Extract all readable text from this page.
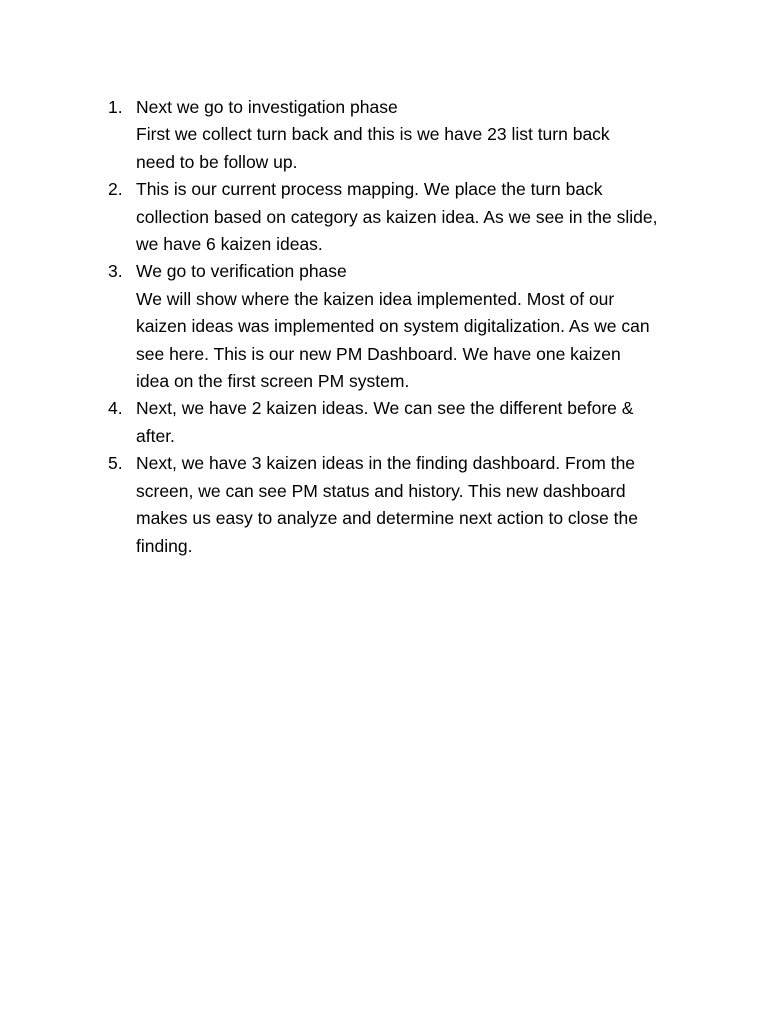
1. Next we go to investigation phase
First we collect turn back and this is we have 23 list turn back
need to be follow up.
2. This is our current process mapping. We place the turn back
collection based on category as kaizen idea. As we see in the slide,
we have 6 kaizen ideas.
3. We go to verification phase
We will show where the kaizen idea implemented. Most of our
kaizen ideas was implemented on system digitalization. As we can
see here. This is our new PM Dashboard. We have one kaizen
idea on the first screen PM system.
4. Next, we have 2 kaizen ideas. We can see the different before &
after.
5. Next, we have 3 kaizen ideas in the finding dashboard. From the
screen, we can see PM status and history. This new dashboard
makes us easy to analyze and determine next action to close the
finding.
